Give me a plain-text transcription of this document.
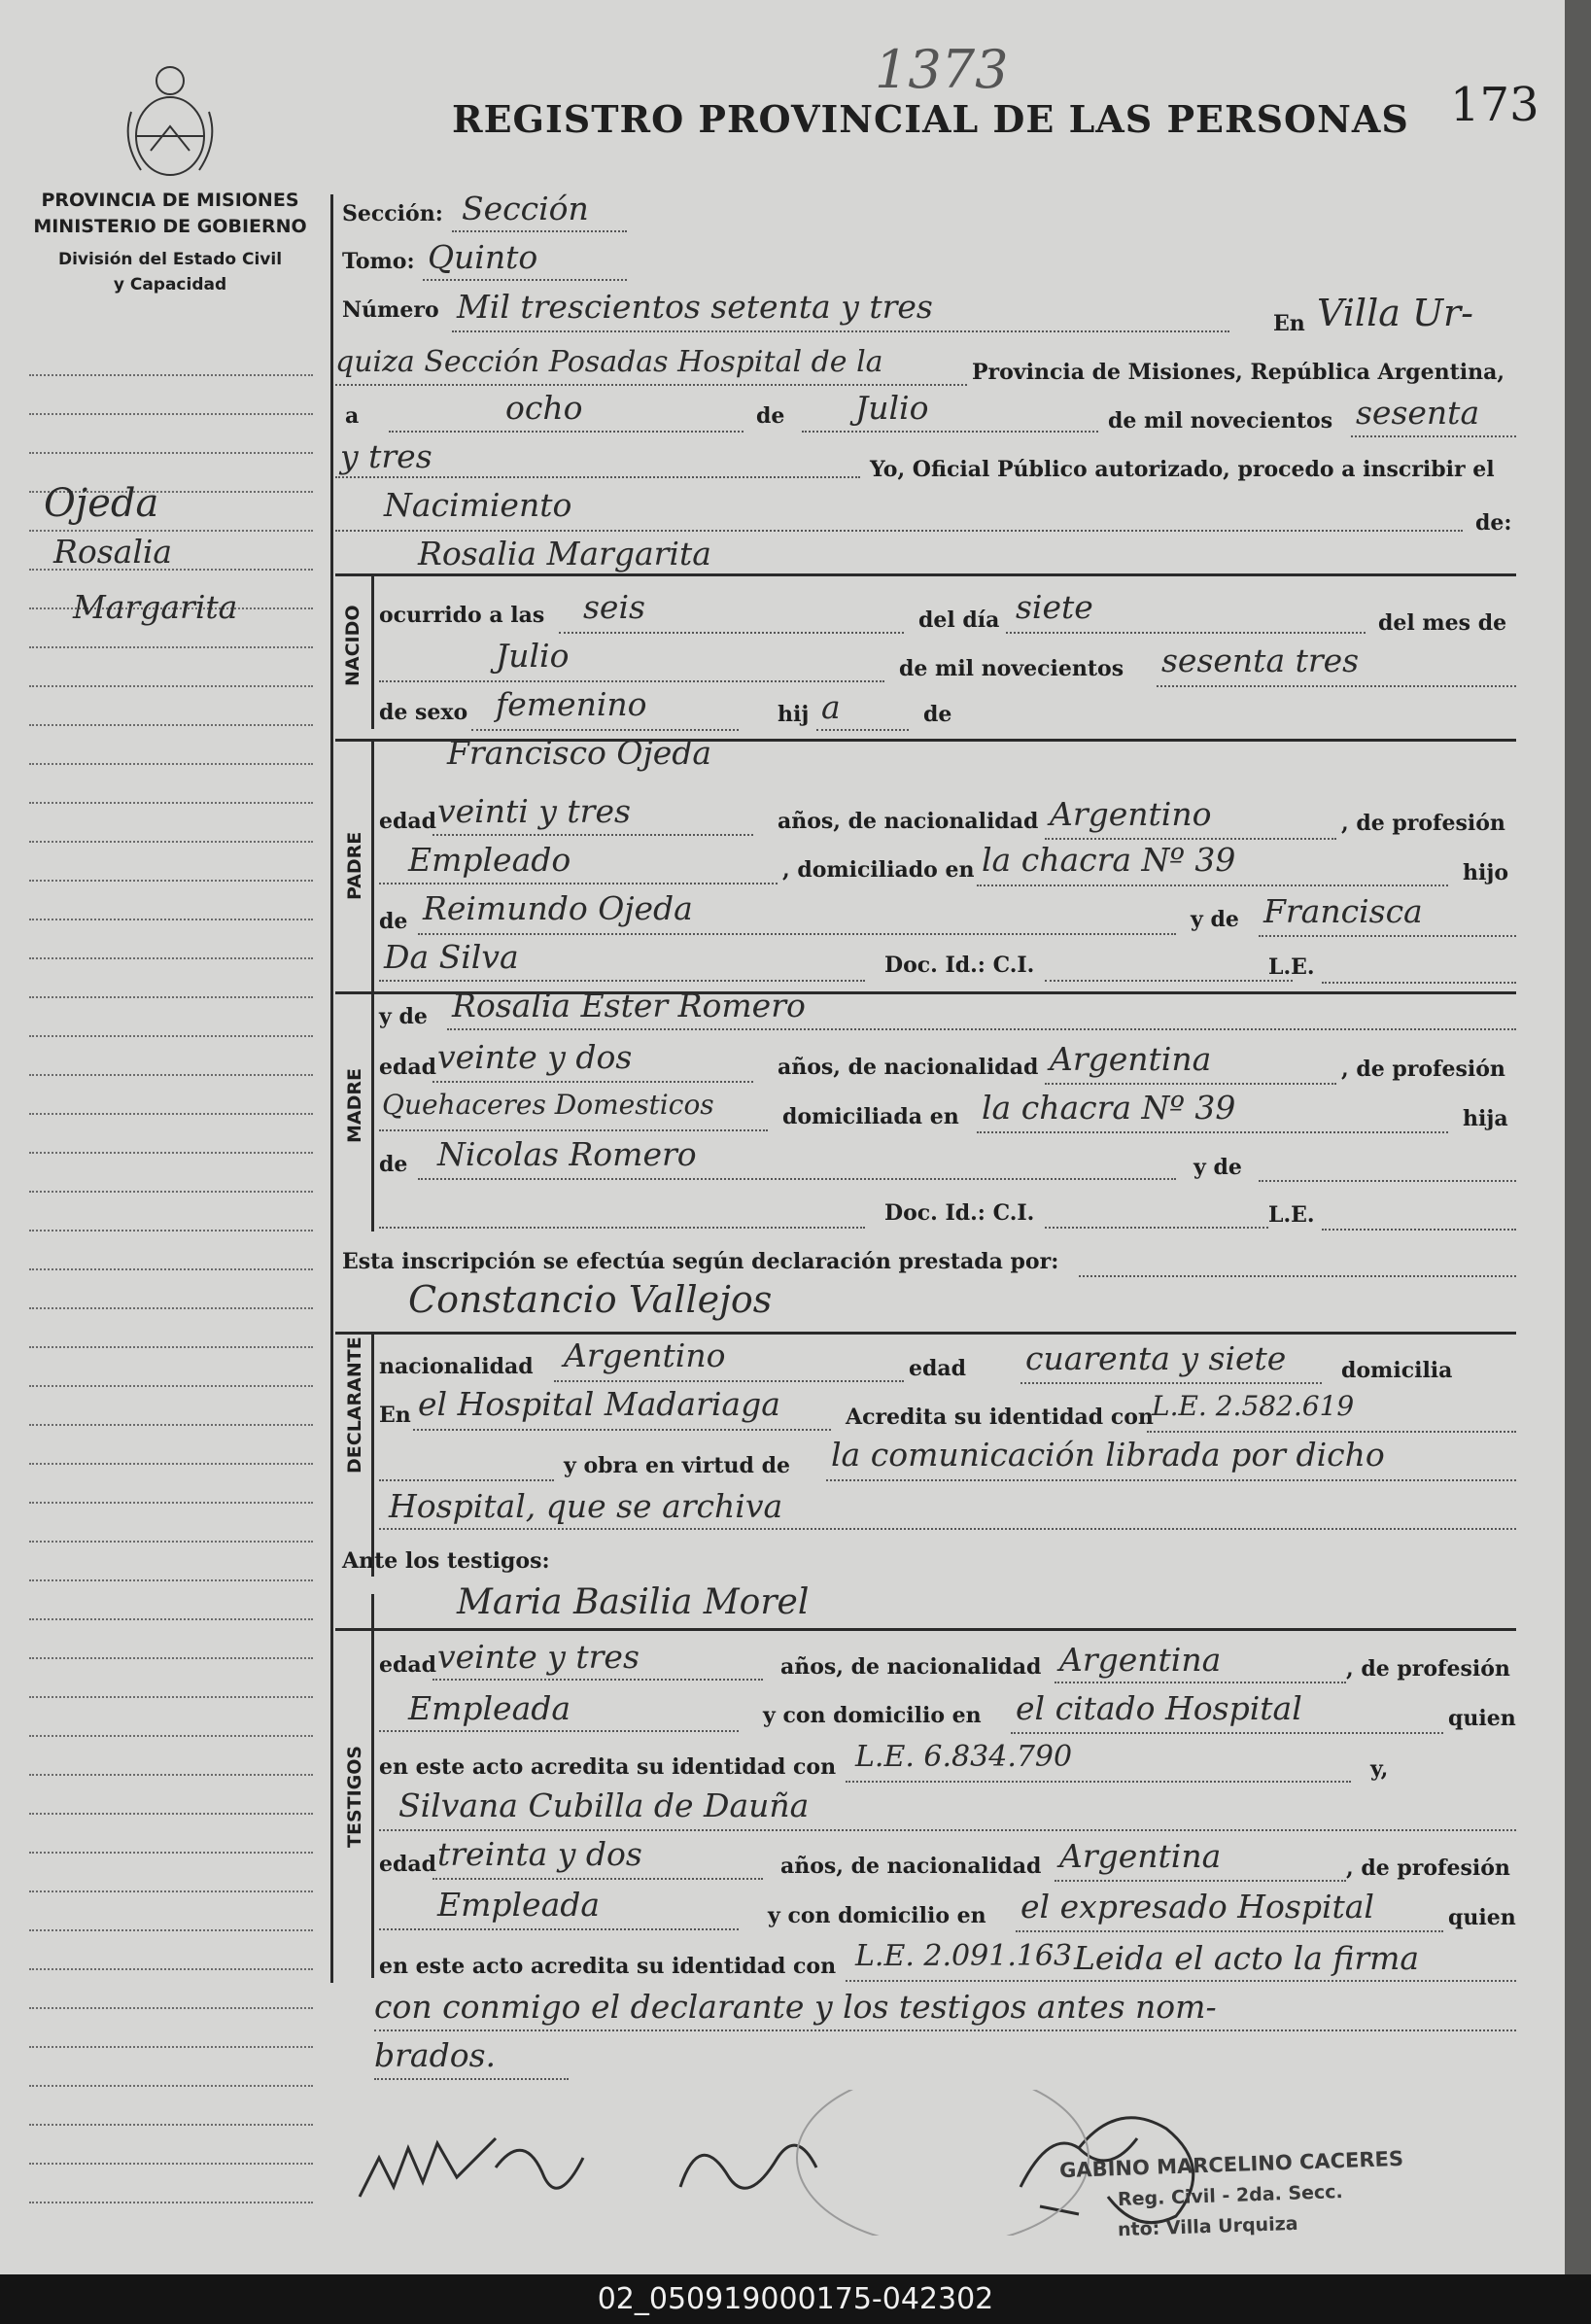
PROVINCIA DE MISIONES
MINISTERIO DE GOBIERNO
División del Estado Civil
y Capacidad
REGISTRO PROVINCIAL DE LAS PERSONAS 173
1373
Ojeda
Rosalia
Margarita
Sección: Sección
Tomo: Quinto
Número Mil trescientos setenta y tres	En Villa Ur-
quiza Sección Posadas Hospital de la	Provincia de Misiones, República Argentina,
a	ocho	de Julio	de mil novecientos sesenta
y tres	Yo, Oficial Público autorizado, procedo a inscribir el
Nacimiento	de:
NACIDO
Rosalia Margarita
ocurrido a las seis	del día siete	del mes de
Julio	de mil novecientos sesenta tres
de sexo femenino	hij a	de
PADRE
Francisco Ojeda
edad veinti y tres	años, de nacionalidad Argentino	, de profesión
Empleado	, domiciliado en la chacra Nº 39	hijo
de Reimundo Ojeda	y de Francisca
Da Silva	Doc. Id.: C.I.	L.E.
MADRE
y de Rosalia Ester Romero
edad veinte y dos	años, de nacionalidad Argentina	, de profesión
Quehaceres Domesticos	domiciliada en la chacra Nº 39	hija
de Nicolas Romero	y de
Doc. Id.: C.I.	L.E.
Esta inscripción se efectúa según declaración prestada por:
DECLARANTE
Constancio Vallejos
nacionalidad Argentino	edad cuarenta y siete	domicilia
En el Hospital Madariaga	Acredita su identidad con
L.E. 2.582.619
y obra en virtud de la comunicación librada por dicho
Hospital, que se archiva
Ante los testigos:
TESTIGOS
Maria Basilia Morel
edad veinte y tres	años, de nacionalidad Argentina	, de profesión
Empleada	y con domicilio en el citado Hospital	quien
en este acto acredita su identidad con L.E. 6.834.790	y,
Silvana Cubilla de Dauña
edad treinta y dos	años, de nacionalidad Argentina	, de profesión
Empleada	y con domicilio en el expresado Hospital	quien
en este acto acredita su identidad con L.E. 2.091.163 Leida el acto la firma
con conmigo el declarante y los testigos antes nom-
brados.
GABINO MARCELINO CACERES
Reg. Civil - 2da. Secc.
nto: Villa Urquiza
02_050919000175-042302
